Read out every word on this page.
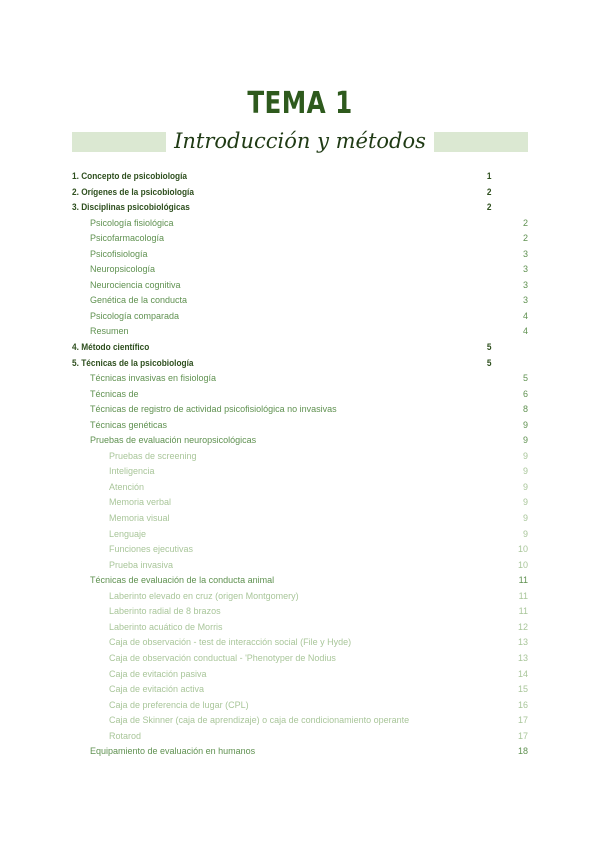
TEMA 1
Introducción y métodos
1. Concepto de psicobiología	1
2. Orígenes de la psicobiología	2
3. Disciplinas psicobiológicas	2
Psicología fisiológica	2
Psicofarmacología	2
Psicofisiología	3
Neuropsicología	3
Neurociencia cognitiva	3
Genética de la conducta	3
Psicología comparada	4
Resumen	4
4. Método científico	5
5. Técnicas de la psicobiología	5
Técnicas invasivas en fisiología	5
Técnicas de	6
Técnicas de registro de actividad psicofisiológica no invasivas	8
Técnicas genéticas	9
Pruebas de evaluación neuropsicológicas	9
Pruebas de screening	9
Inteligencia	9
Atención	9
Memoria verbal	9
Memoria visual	9
Lenguaje	9
Funciones ejecutivas	10
Prueba invasiva	10
Técnicas de evaluación de la conducta animal	11
Laberinto elevado en cruz (origen Montgomery)	11
Laberinto radial de 8 brazos	11
Laberinto acuático de Morris	12
Caja de observación - test de interacción social (File y Hyde)	13
Caja de observación conductual - 'Phenotyper de Nodius	13
Caja de evitación pasiva	14
Caja de evitación activa	15
Caja de preferencia de lugar (CPL)	16
Caja de Skinner (caja de aprendizaje) o caja de condicionamiento operante	17
Rotarod	17
Equipamiento de evaluación en humanos	18
